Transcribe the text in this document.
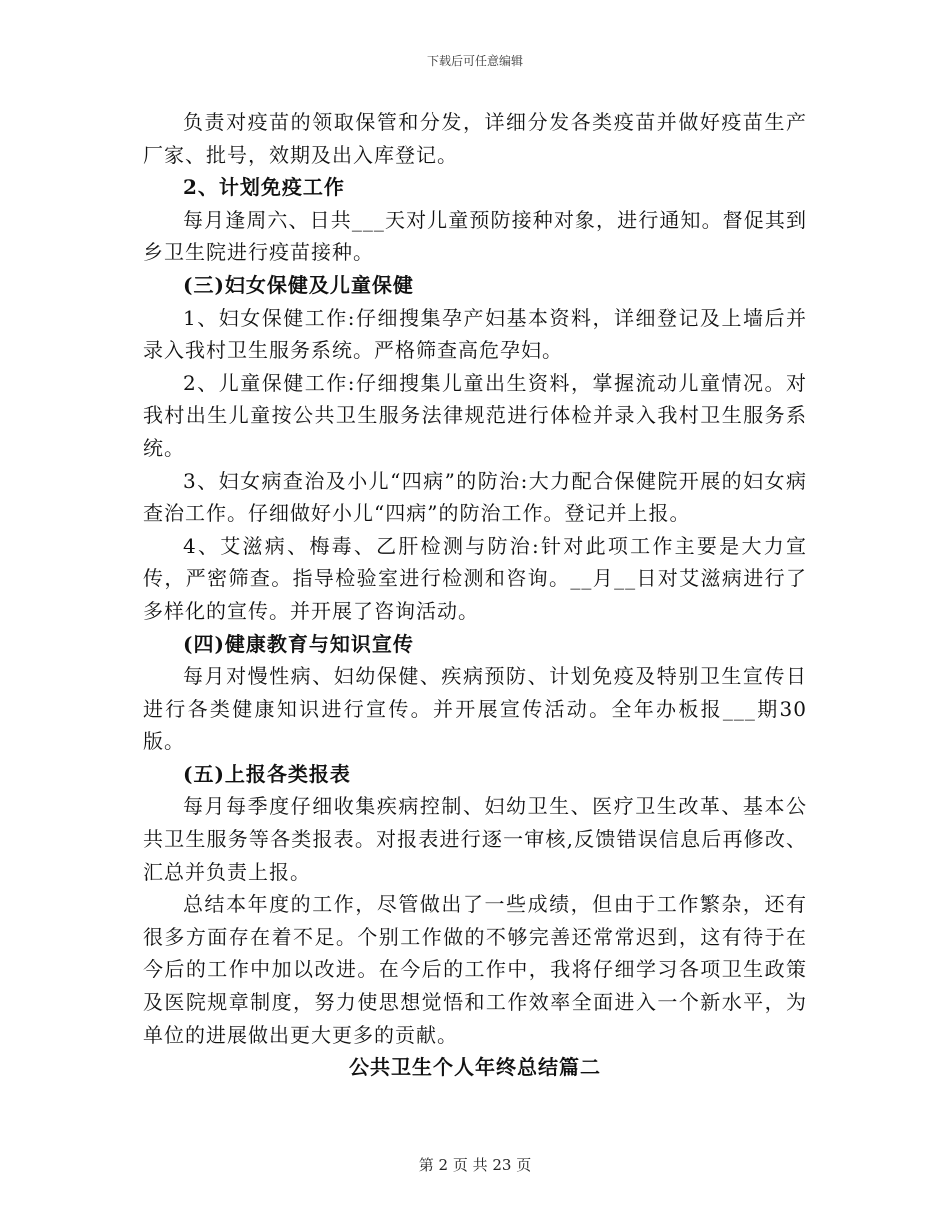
下载后可任意编辑

负责对疫苗的领取保管和分发，详细分发各类疫苗并做好疫苗生产厂家、批号，效期及出入库登记。

2、计划免疫工作

每月逢周六、日共___天对儿童预防接种对象，进行通知。督促其到乡卫生院进行疫苗接种。

(三)妇女保健及儿童保健

1、妇女保健工作:仔细搜集孕产妇基本资料，详细登记及上墙后并录入我村卫生服务系统。严格筛查高危孕妇。

2、儿童保健工作:仔细搜集儿童出生资料，掌握流动儿童情况。对我村出生儿童按公共卫生服务法律规范进行体检并录入我村卫生服务系统。

3、妇女病查治及小儿“四病”的防治:大力配合保健院开展的妇女病查治工作。仔细做好小儿“四病”的防治工作。登记并上报。

4、艾滋病、梅毒、乙肝检测与防治:针对此项工作主要是大力宣传，严密筛查。指导检验室进行检测和咨询。__月__日对艾滋病进行了多样化的宣传。并开展了咨询活动。

(四)健康教育与知识宣传

每月对慢性病、妇幼保健、疾病预防、计划免疫及特别卫生宣传日进行各类健康知识进行宣传。并开展宣传活动。全年办板报___期30版。

(五)上报各类报表

每月每季度仔细收集疾病控制、妇幼卫生、医疗卫生改革、基本公共卫生服务等各类报表。对报表进行逐一审核,反馈错误信息后再修改、汇总并负责上报。

总结本年度的工作，尽管做出了一些成绩，但由于工作繁杂，还有很多方面存在着不足。个别工作做的不够完善还常常迟到，这有待于在今后的工作中加以改进。在今后的工作中，我将仔细学习各项卫生政策及医院规章制度，努力使思想觉悟和工作效率全面进入一个新水平，为单位的进展做出更大更多的贡献。

公共卫生个人年终总结篇二

第 2 页 共 23 页
